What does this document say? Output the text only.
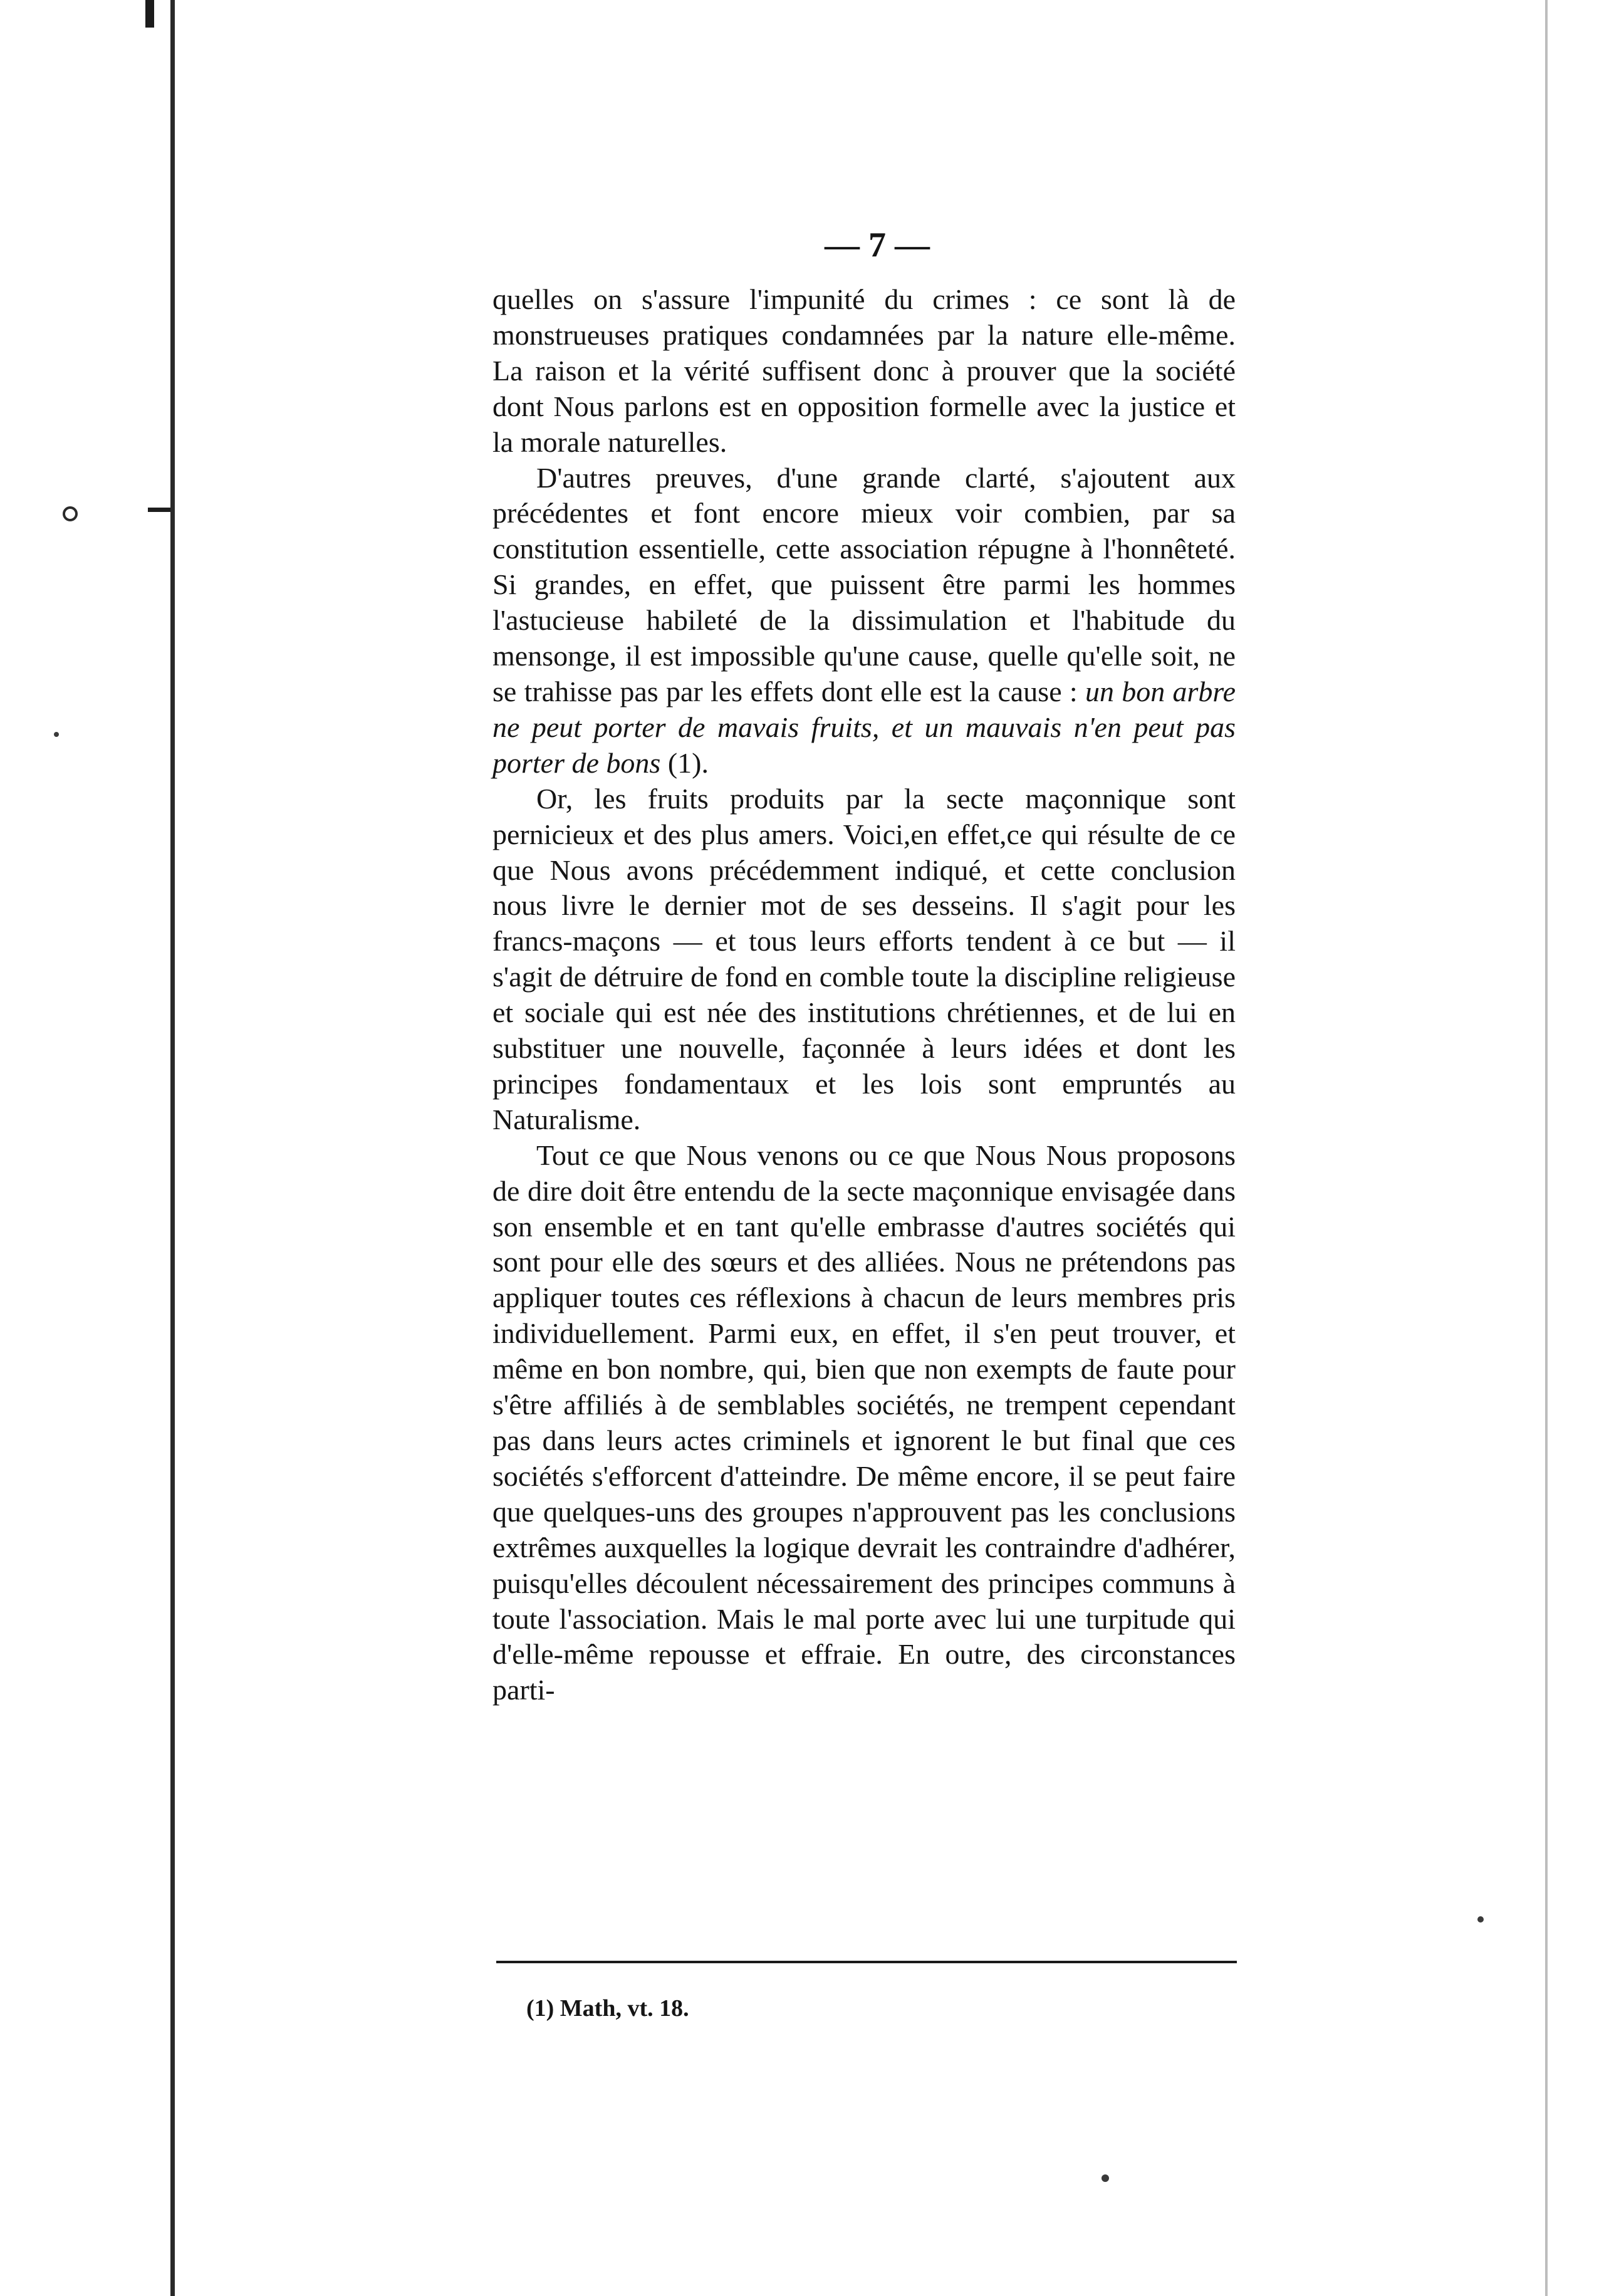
— 7 —

quelles on s'assure l'impunité du crimes : ce sont là de monstrueuses pratiques condamnées par la nature elle-même. La raison et la vérité suffisent donc à prouver que la société dont Nous parlons est en opposition formelle avec la justice et la morale naturelles.

D'autres preuves, d'une grande clarté, s'ajoutent aux précédentes et font encore mieux voir combien, par sa constitution essentielle, cette association répugne à l'honnêteté. Si grandes, en effet, que puissent être parmi les hommes l'astucieuse habileté de la dissimulation et l'habitude du mensonge, il est impossible qu'une cause, quelle qu'elle soit, ne se trahisse pas par les effets dont elle est la cause : un bon arbre ne peut porter de mavais fruits, et un mauvais n'en peut pas porter de bons (1).

Or, les fruits produits par la secte maçonnique sont pernicieux et des plus amers. Voici,en effet,ce qui résulte de ce que Nous avons précédemment indiqué, et cette conclusion nous livre le dernier mot de ses desseins. Il s'agit pour les francs-maçons — et tous leurs efforts tendent à ce but — il s'agit de détruire de fond en comble toute la discipline religieuse et sociale qui est née des institutions chrétiennes, et de lui en substituer une nouvelle, façonnée à leurs idées et dont les principes fondamentaux et les lois sont empruntés au Naturalisme.

Tout ce que Nous venons ou ce que Nous Nous proposons de dire doit être entendu de la secte maçonnique envisagée dans son ensemble et en tant qu'elle embrasse d'autres sociétés qui sont pour elle des sœurs et des alliées. Nous ne prétendons pas appliquer toutes ces réflexions à chacun de leurs membres pris individuellement. Parmi eux, en effet, il s'en peut trouver, et même en bon nombre, qui, bien que non exempts de faute pour s'être affiliés à de semblables sociétés, ne trempent cependant pas dans leurs actes criminels et ignorent le but final que ces sociétés s'efforcent d'atteindre. De même encore, il se peut faire que quelques-uns des groupes n'approuvent pas les conclusions extrêmes auxquelles la logique devrait les contraindre d'adhérer, puisqu'elles découlent nécessairement des principes communs à toute l'association. Mais le mal porte avec lui une turpitude qui d'elle-même repousse et effraie. En outre, des circonstances parti-

(1) Math, vt. 18.
